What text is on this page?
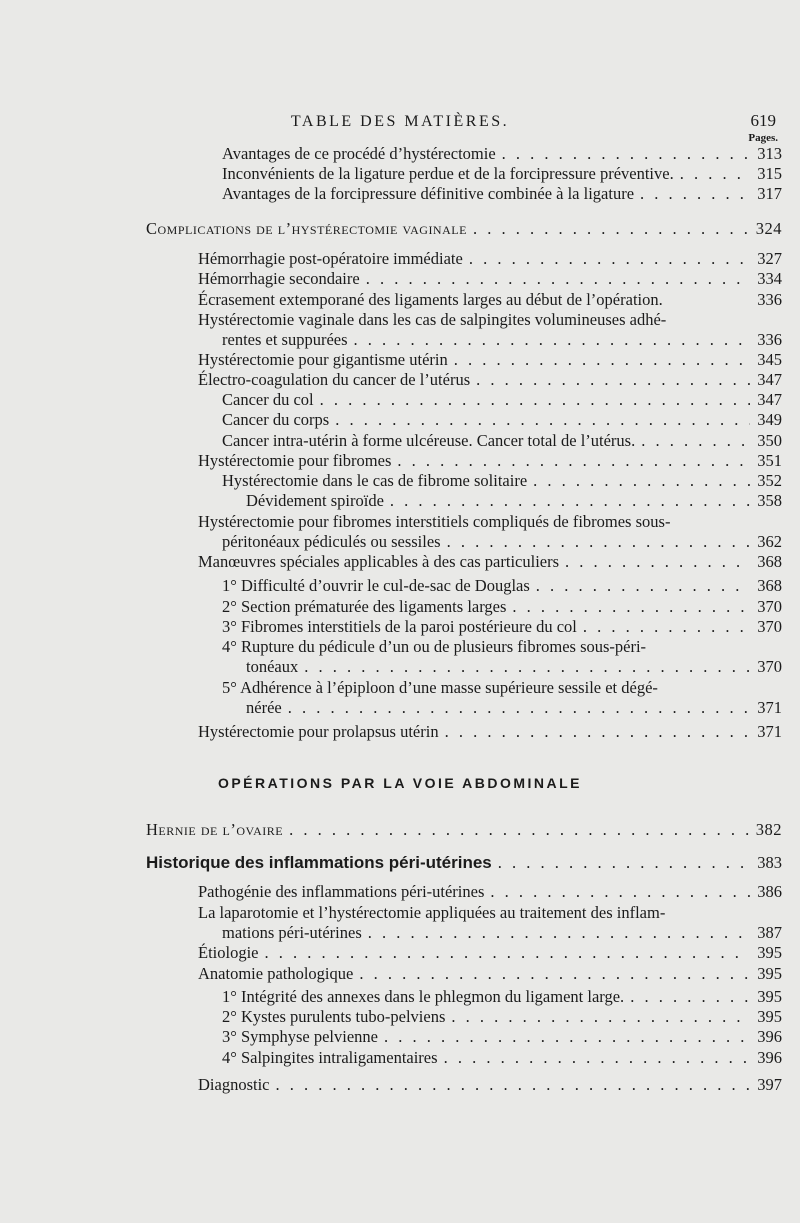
TABLE DES MATIÈRES.	619
Pages.
Avantages de ce procédé d’hystérectomie . . .	313
Inconvénients de la ligature perdue et de la forcipressure préventive. . . .	315
Avantages de la forcipressure définitive combinée à la ligature . . .	317
Complications de l’hystérectomie vaginale . . .	324
Hémorrhagie post-opératoire immédiate . . .	327
Hémorrhagie secondaire . . .	334
Écrasement extemporané des ligaments larges au début de l’opération.	336
Hystérectomie vaginale dans les cas de salpingites volumineuses adhé-
rentes et suppurées . . .	336
Hystérectomie pour gigantisme utérin . . .	345
Électro-coagulation du cancer de l’utérus . . .	347
Cancer du col . . .	347
Cancer du corps . . .	349
Cancer intra-utérin à forme ulcéreuse. Cancer total de l’utérus. . . .	350
Hystérectomie pour fibromes . . .	351
Hystérectomie dans le cas de fibrome solitaire . . .	352
Dévidement spiroïde . . .	358
Hystérectomie pour fibromes interstitiels compliqués de fibromes sous-
péritonéaux pédiculés ou sessiles . . .	362
Manœuvres spéciales applicables à des cas particuliers . . .	368
1° Difficulté d’ouvrir le cul-de-sac de Douglas . . .	368
2° Section prématurée des ligaments larges . . .	370
3° Fibromes interstitiels de la paroi postérieure du col . . .	370
4° Rupture du pédicule d’un ou de plusieurs fibromes sous-péri-
tonéaux . . .	370
5° Adhérence à l’épiploon d’une masse supérieure sessile et dégé-
nérée . . .	371
Hystérectomie pour prolapsus utérin . . .	371
OPÉRATIONS PAR LA VOIE ABDOMINALE
Hernie de l’ovaire . . .	382
Historique des inflammations péri-utérines . . .	383
Pathogénie des inflammations péri-utérines . . .	386
La laparotomie et l’hystérectomie appliquées au traitement des inflam-
mations péri-utérines . . .	387
Étiologie . . .	395
Anatomie pathologique . . .	395
1° Intégrité des annexes dans le phlegmon du ligament large. . . .	395
2° Kystes purulents tubo-pelviens . . .	395
3° Symphyse pelvienne . . .	396
4° Salpingites intraligamentaires . . .	396
Diagnostic . . .	397
